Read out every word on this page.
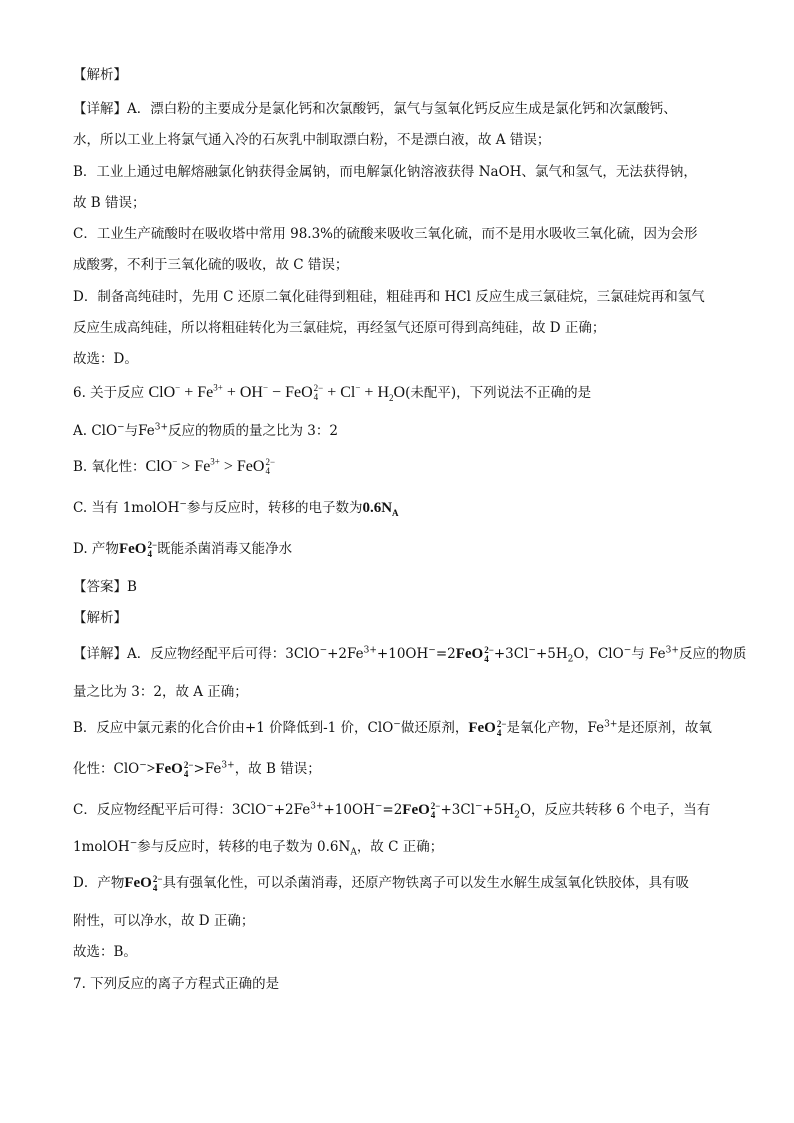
【解析】
【详解】A．漂白粉的主要成分是氯化钙和次氯酸钙，氯气与氢氧化钙反应生成是氯化钙和次氯酸钙、
水，所以工业上将氯气通入冷的石灰乳中制取漂白粉，不是漂白液，故 A 错误；
B．工业上通过电解熔融氯化钠获得金属钠，而电解氯化钠溶液获得 NaOH、氯气和氢气，无法获得钠，
故 B 错误；
C．工业生产硫酸时在吸收塔中常用 98.3%的硫酸来吸收三氧化硫，而不是用水吸收三氧化硫，因为会形
成酸雾，不利于三氧化硫的吸收，故 C 错误；
D．制备高纯硅时，先用 C 还原二氧化硅得到粗硅，粗硅再和 HCl 反应生成三氯硅烷，三氯硅烷再和氢气
反应生成高纯硅，所以将粗硅转化为三氯硅烷，再经氢气还原可得到高纯硅，故 D 正确；
故选：D。
6. 关于反应 $ClO^- + Fe^{3+} + OH^-$ − FeO 2−
$4 + Cl^- + H_2O$(未配平)，下列说法不正确的是
A. ClO−与$Fe^{3+}$反应的物质的量之比为 3：2
B. 氧化性：$ClO^- > Fe^{3+}$ > FeO 2−
4
C. 当有 1molOH−参与反应时，转移的电子数为$0.6N_A$
D. 产物FeO 2−
4 既能杀菌消毒又能净水
【答案】B
【解析】
【详解】A．反应物经配平后可得：$3ClO^-+2Fe^{3+}+10OH^-=2FeO$ 2−
$4 +3Cl^-+5H_2O$，ClO−与 $Fe^{3+}$反应的物质
量之比为 3：2，故 A 正确；
B．反应中氯元素的化合价由+1 价降低到-1 价，ClO−做还原剂，FeO 2−
4 是氧化产物，$Fe^{3+}$是还原剂，故氧
化性：ClO−>FeO 2−
$4 >Fe^{3+}$，故 B 错误；
C．反应物经配平后可得：$3ClO^-+2Fe^{3+}+10OH^-=2FeO$ 2−
$4 +3Cl^-+5H_2O$，反应共转移 6 个电子，当有
1molOH−参与反应时，转移的电子数为 $0.6N_A$，故 C 正确；
D．产物FeO 2−
4 具有强氧化性，可以杀菌消毒，还原产物铁离子可以发生水解生成氢氧化铁胶体，具有吸
附性，可以净水，故 D 正确；
故选：B。
7. 下列反应的离子方程式正确的是
